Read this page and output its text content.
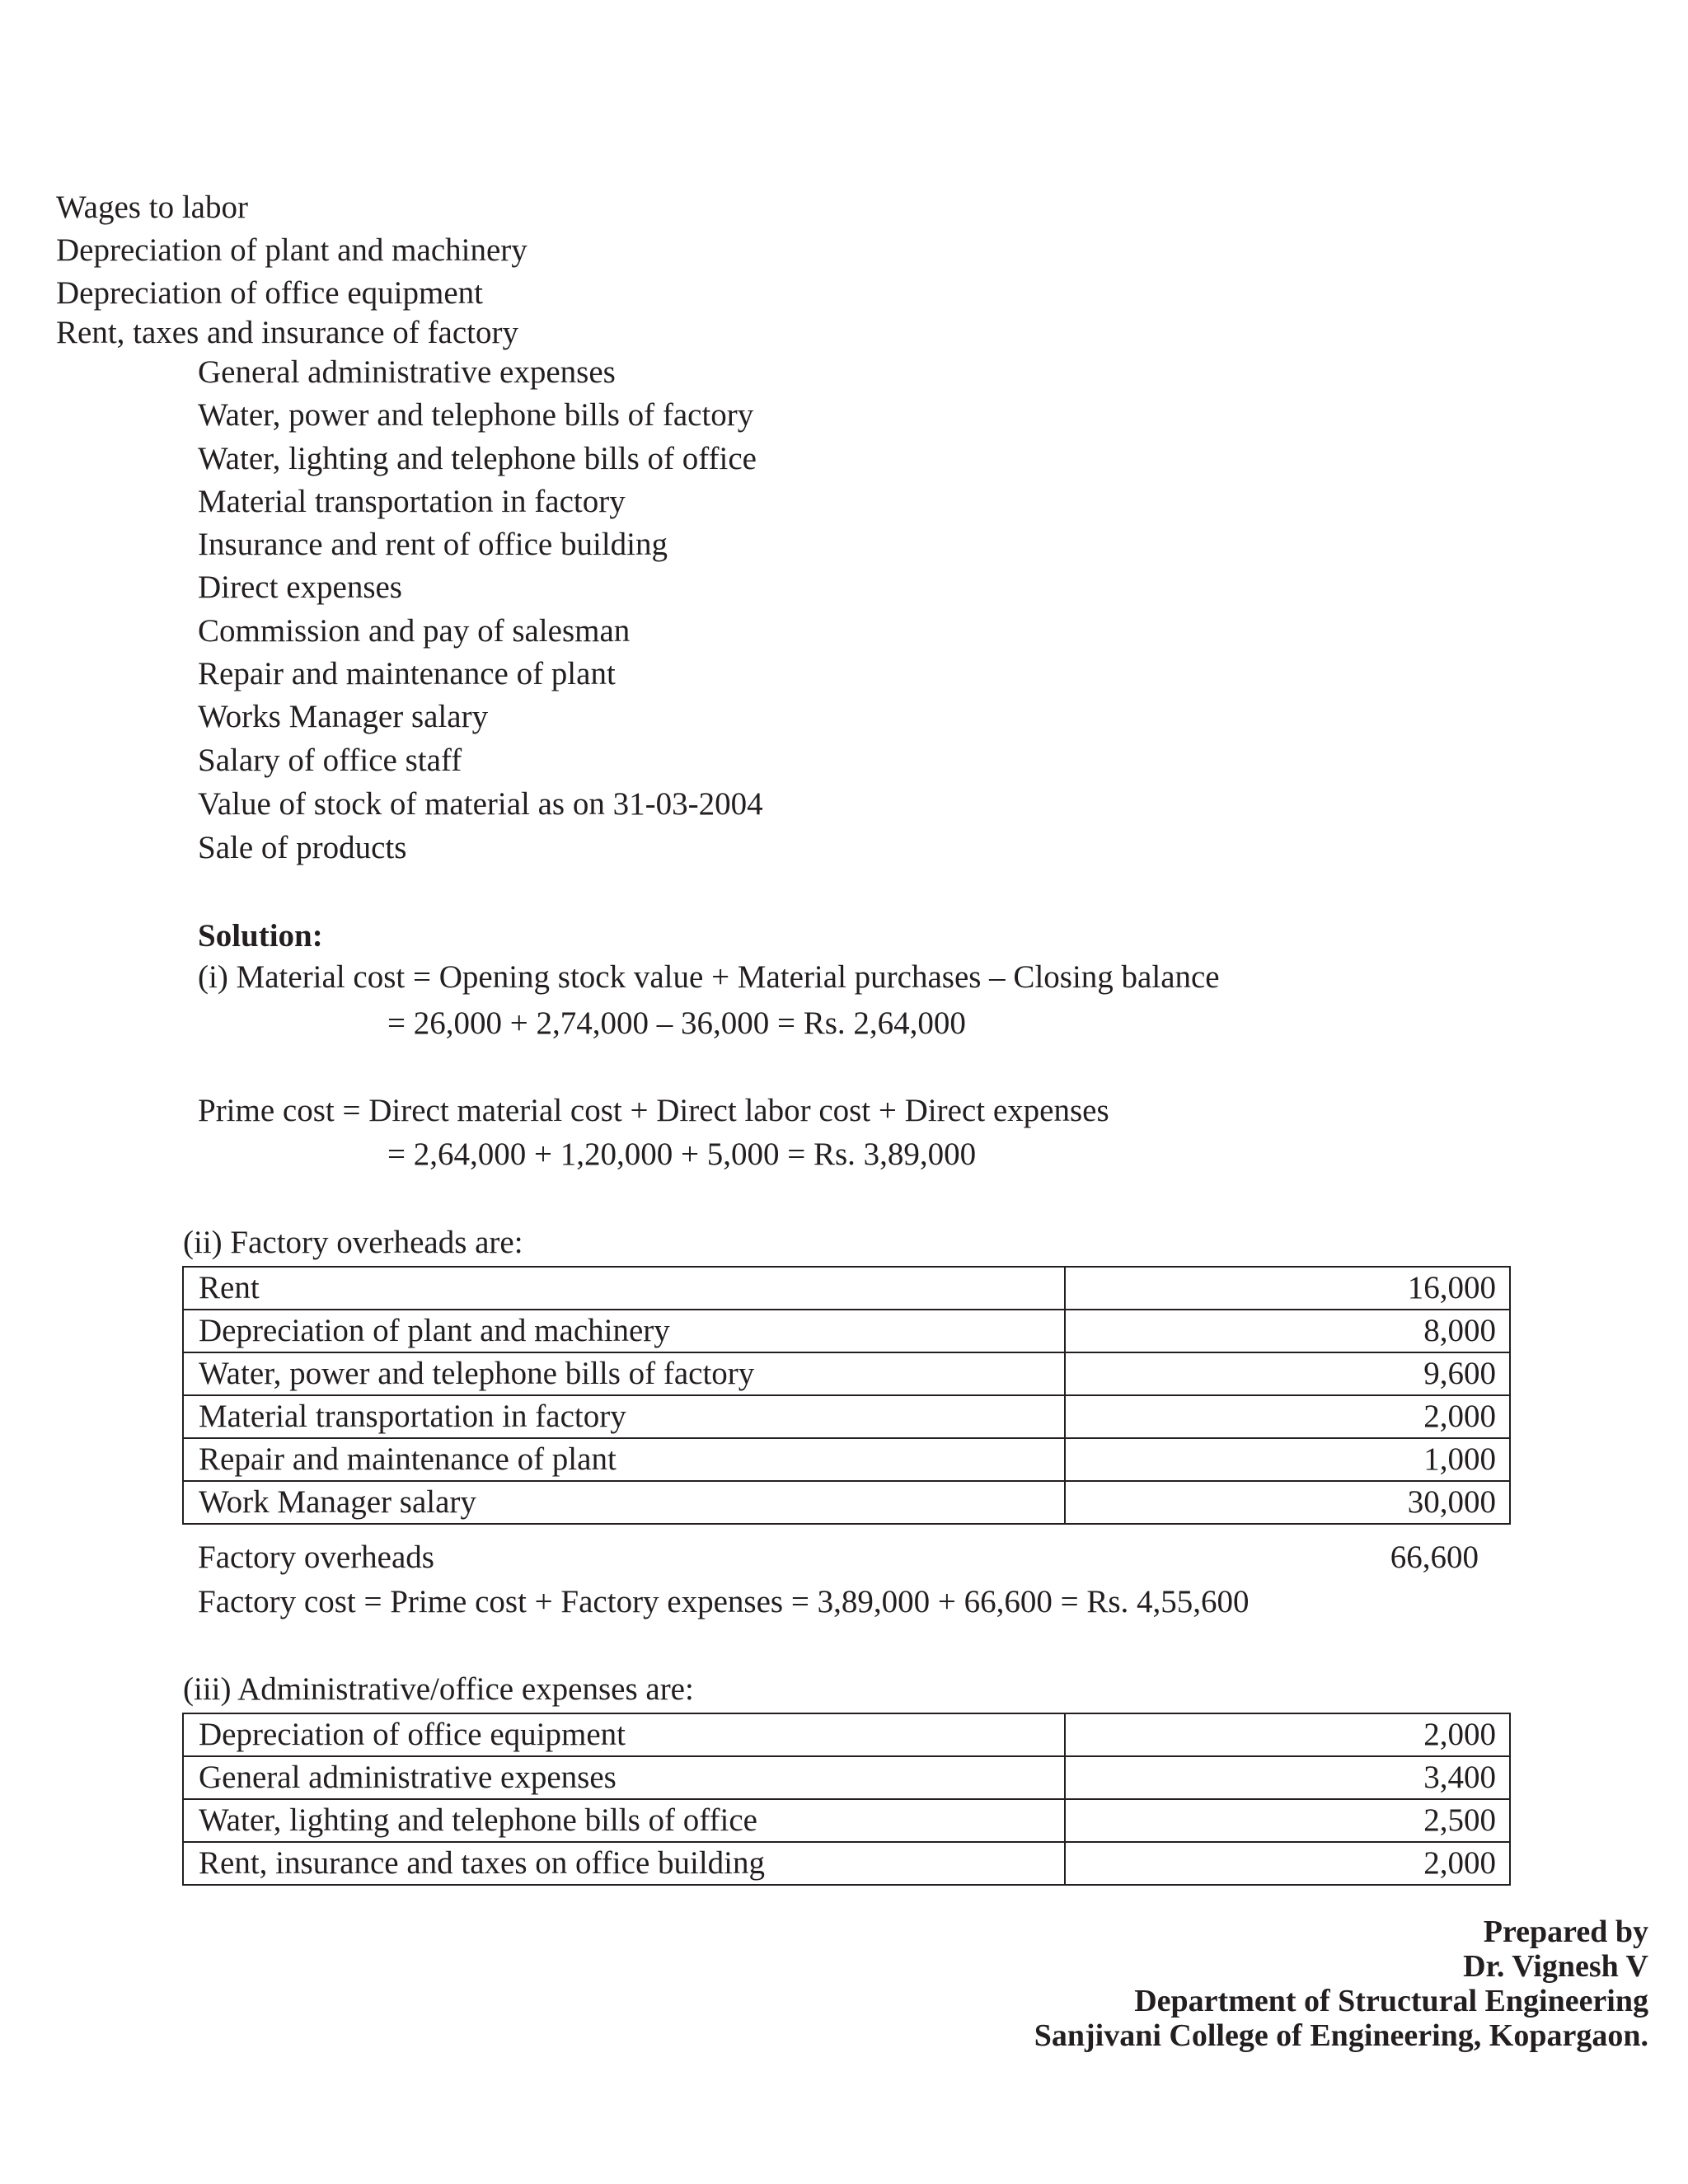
Wages to labor
Depreciation of plant and machinery
Depreciation of office equipment
Rent, taxes and insurance of factory
General administrative expenses
Water, power and telephone bills of factory
Water, lighting and telephone bills of office
Material transportation in factory
Insurance and rent of office building
Direct expenses
Commission and pay of salesman
Repair and maintenance of plant
Works Manager salary
Salary of office staff
Value of stock of material as on 31-03-2004
Sale of products
Solution:
(i) Material cost = Opening stock value + Material purchases – Closing balance
= 26,000 + 2,74,000 – 36,000 = Rs. 2,64,000
Prime cost = Direct material cost + Direct labor cost + Direct expenses
= 2,64,000 + 1,20,000 + 5,000 = Rs. 3,89,000
(ii) Factory overheads are:
Rent	16,000
Depreciation of plant and machinery	8,000
Water, power and telephone bills of factory	9,600
Material transportation in factory	2,000
Repair and maintenance of plant	1,000
Work Manager salary	30,000
Factory overheads	66,600
Factory cost = Prime cost + Factory expenses = 3,89,000 + 66,600 = Rs. 4,55,600
(iii) Administrative/office expenses are:
Depreciation of office equipment	2,000
General administrative expenses	3,400
Water, lighting and telephone bills of office	2,500
Rent, insurance and taxes on office building	2,000
Prepared by
Dr. Vignesh V
Department of Structural Engineering
Sanjivani College of Engineering, Kopargaon.
